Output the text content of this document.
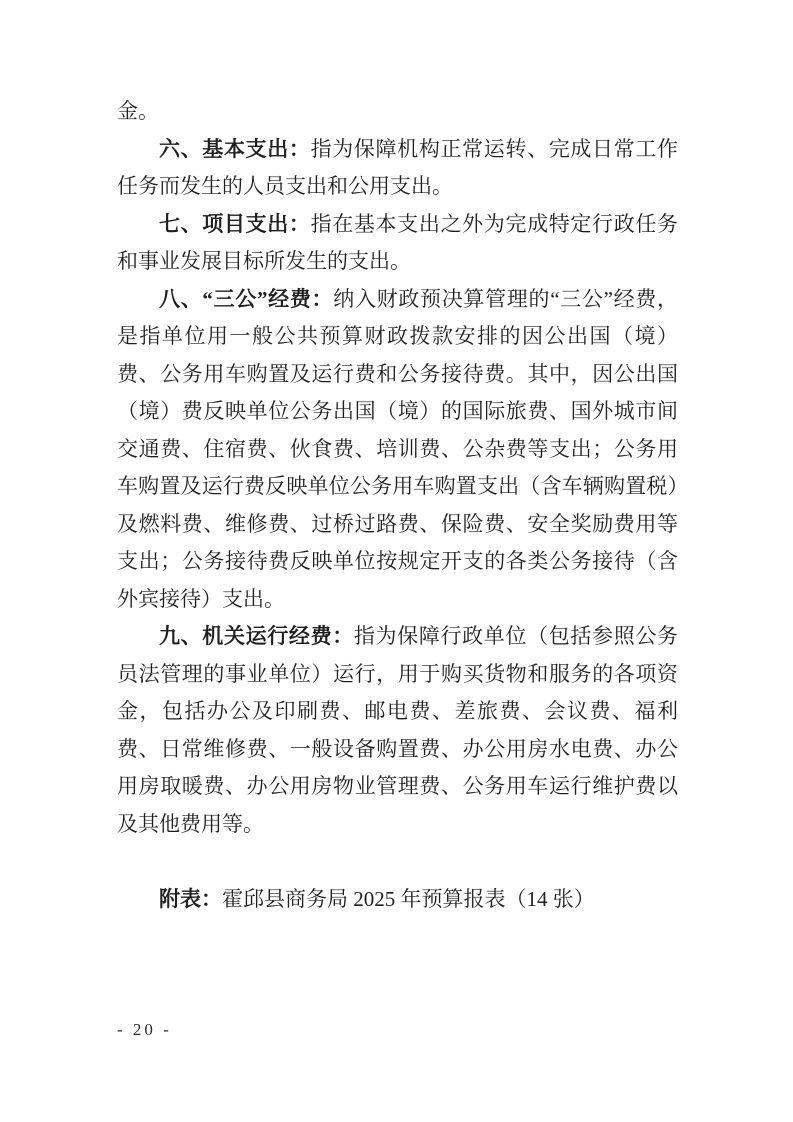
金。

六、基本支出：指为保障机构正常运转、完成日常工作任务而发生的人员支出和公用支出。

七、项目支出：指在基本支出之外为完成特定行政任务和事业发展目标所发生的支出。

八、“三公”经费：纳入财政预决算管理的“三公”经费，是指单位用一般公共预算财政拨款安排的因公出国（境）费、公务用车购置及运行费和公务接待费。其中，因公出国（境）费反映单位公务出国（境）的国际旅费、国外城市间交通费、住宿费、伙食费、培训费、公杂费等支出；公务用车购置及运行费反映单位公务用车购置支出（含车辆购置税）及燃料费、维修费、过桥过路费、保险费、安全奖励费用等支出；公务接待费反映单位按规定开支的各类公务接待（含外宾接待）支出。

九、机关运行经费：指为保障行政单位（包括参照公务员法管理的事业单位）运行，用于购买货物和服务的各项资金，包括办公及印刷费、邮电费、差旅费、会议费、福利费、日常维修费、一般设备购置费、办公用房水电费、办公用房取暖费、办公用房物业管理费、公务用车运行维护费以及其他费用等。

附表：霍邱县商务局 2025 年预算报表（14 张）

- 20 -
